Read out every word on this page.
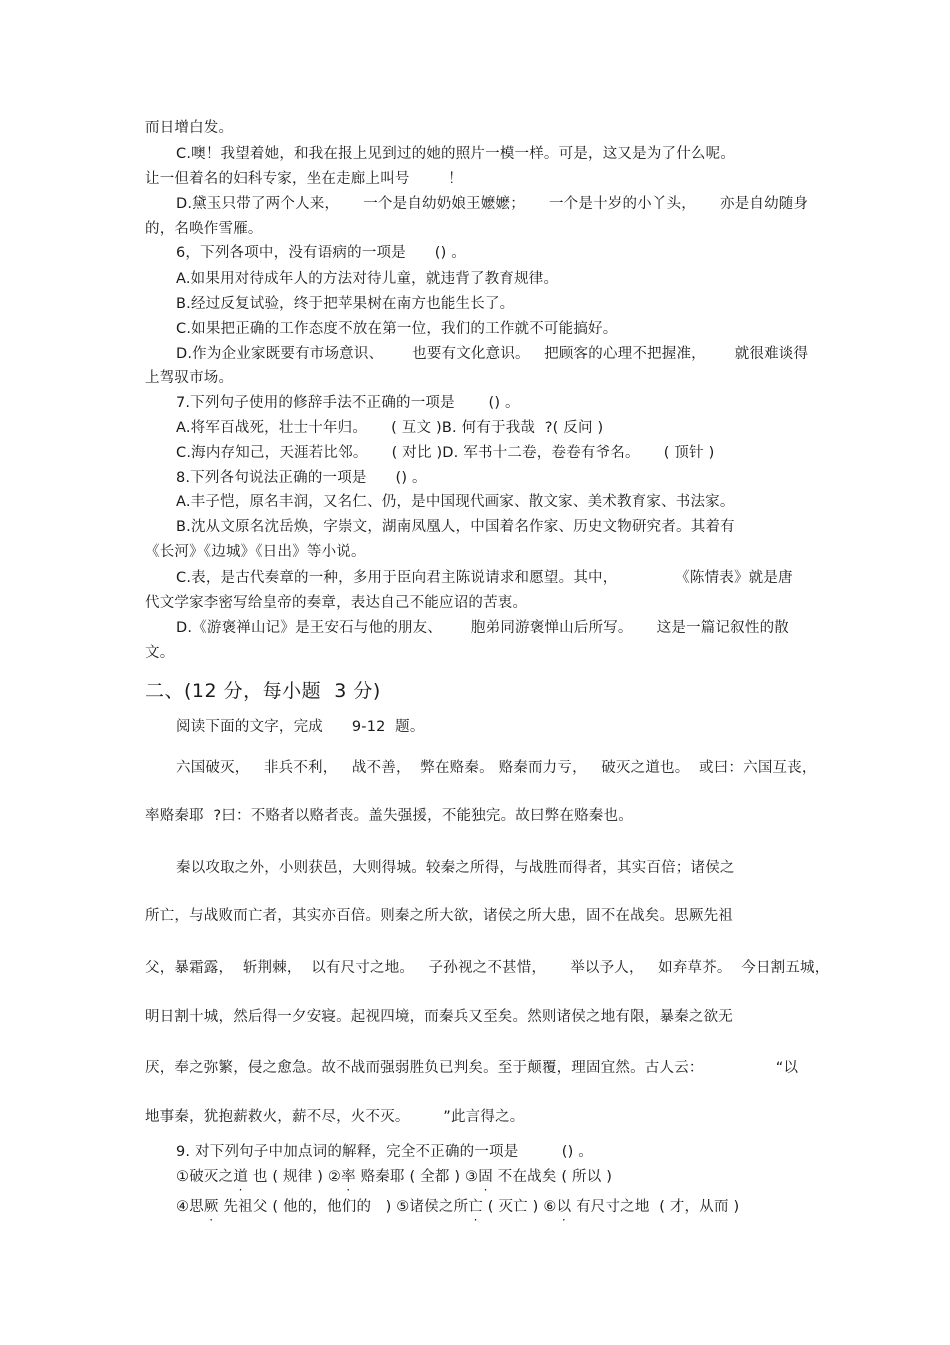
而日增白发。
C.噢！我望着她，和我在报上见到过的她的照片一模一样。可是，这又是为了什么呢。
让一但着名的妇科专家，坐在走廊上叫号        ！
D.黛玉只带了两个人来，     一个是自幼奶娘王嬷嬷；     一个是十岁的小丫头，     亦是自幼随身
的，名唤作雪雁。
6，下列各项中，没有语病的一项是      () 。
A.如果用对待成年人的方法对待儿童，就违背了教育规律。
B.经过反复试验，终于把苹果树在南方也能生长了。
C.如果把正确的工作态度不放在第一位，我们的工作就不可能搞好。
D.作为企业家既要有市场意识、      也要有文化意识。   把顾客的心理不把握准，      就很难谈得
上驾驭市场。
7.下列句子使用的修辞手法不正确的一项是       () 。
A.将军百战死，壮士十年归。     ( 互文 )B. 何有于我哉  ?( 反问 )
C.海内存知己，天涯若比邻。     ( 对比 )D. 军书十二卷，卷卷有爷名。     ( 顶针 )
8.下列各句说法正确的一项是      () 。
A.丰子恺，原名丰润，又名仁、仍，是中国现代画家、散文家、美术教育家、书法家。
B.沈从文原名沈岳焕，字崇文，湖南凤凰人，中国着名作家、历史文物研究者。其着有
《长河》《边城》《日出》等小说。
C.表，是古代奏章的一种，多用于臣向君主陈说请求和愿望。其中，            《陈情表》就是唐
代文学家李密写给皇帝的奏章，表达自己不能应诏的苦衷。
D.《游褒禅山记》是王安石与他的朋友、      胞弟同游褒惮山后所写。     这是一篇记叙性的散
文。
二、(12 分，每小题  3 分)
阅读下面的文字，完成      9-12  题。
六国破灭，   非兵不利，   战不善，  弊在赂秦。 赂秦而力亏，   破灭之道也。  或曰：六国互丧，
率赂秦耶  ?曰：不赂者以赂者丧。盖失强援，不能独完。故曰弊在赂秦也。
秦以攻取之外，小则获邑，大则得城。较秦之所得，与战胜而得者，其实百倍；诸侯之
所亡，与战败而亡者，其实亦百倍。则秦之所大欲，诸侯之所大患，固不在战矣。思厥先祖
父，暴霜露，  斩荆棘，  以有尺寸之地。   子孙视之不甚惜，     举以予人，   如弃草芥。  今日割五城，
明日割十城，然后得一夕安寝。起视四境，而秦兵又至矣。然则诸侯之地有限，暴秦之欲无
厌，奉之弥繁，侵之愈急。故不战而强弱胜负已判矣。至于颠覆，理固宜然。古人云：               “以
地事秦，犹抱薪救火，薪不尽，火不灭。       ”此言得之。
9. 对下列句子中加点词的解释，完全不正确的一项是         () 。
①破灭之道 也 ( 规律 ) ②率 赂秦耶 ( 全都 ) ③固 不在战矣 ( 所以 )
④思厥 先祖父 ( 他的，他们的   ) ⑤诸侯之所亡 ( 灭亡 ) ⑥以 有尺寸之地  ( 才，从而 )
